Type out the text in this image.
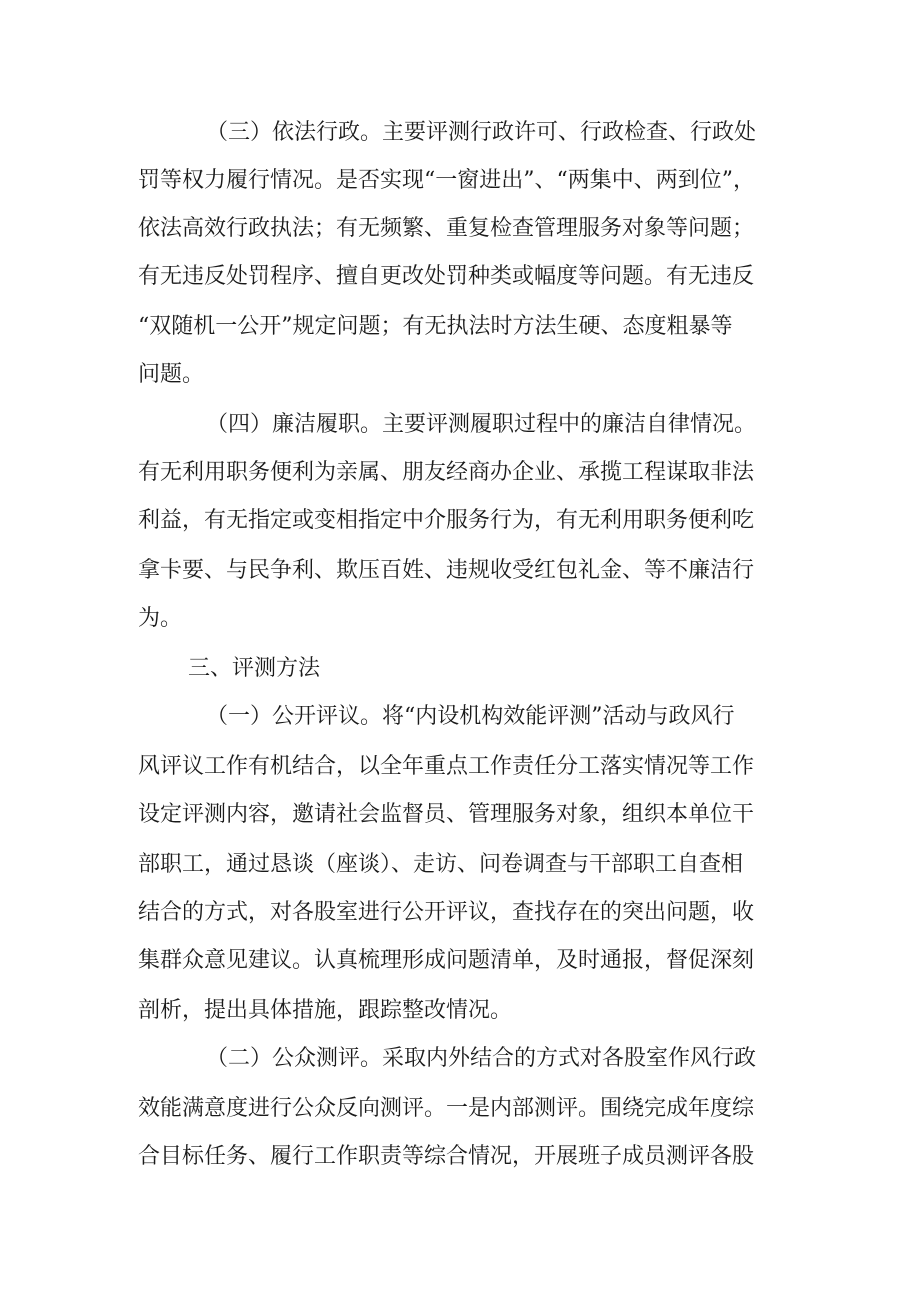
（三）依法行政。主要评测行政许可、行政检查、行政处

罚等权力履行情况。是否实现“一窗进出”、“两集中、两到位”，

依法高效行政执法；有无频繁、重复检查管理服务对象等问题；

有无违反处罚程序、擅自更改处罚种类或幅度等问题。有无违反

“双随机一公开”规定问题；有无执法时方法生硬、态度粗暴等

问题。

（四）廉洁履职。主要评测履职过程中的廉洁自律情况。

有无利用职务便利为亲属、朋友经商办企业、承揽工程谋取非法

利益，有无指定或变相指定中介服务行为，有无利用职务便利吃

拿卡要、与民争利、欺压百姓、违规收受红包礼金、等不廉洁行

为。

三、评测方法

（一）公开评议。将“内设机构效能评测”活动与政风行

风评议工作有机结合，以全年重点工作责任分工落实情况等工作

设定评测内容，邀请社会监督员、管理服务对象，组织本单位干

部职工，通过恳谈（座谈）、走访、问卷调查与干部职工自查相

结合的方式，对各股室进行公开评议，查找存在的突出问题，收

集群众意见建议。认真梳理形成问题清单，及时通报，督促深刻

剖析，提出具体措施，跟踪整改情况。

（二）公众测评。采取内外结合的方式对各股室作风行政

效能满意度进行公众反向测评。一是内部测评。围绕完成年度综

合目标任务、履行工作职责等综合情况，开展班子成员测评各股
